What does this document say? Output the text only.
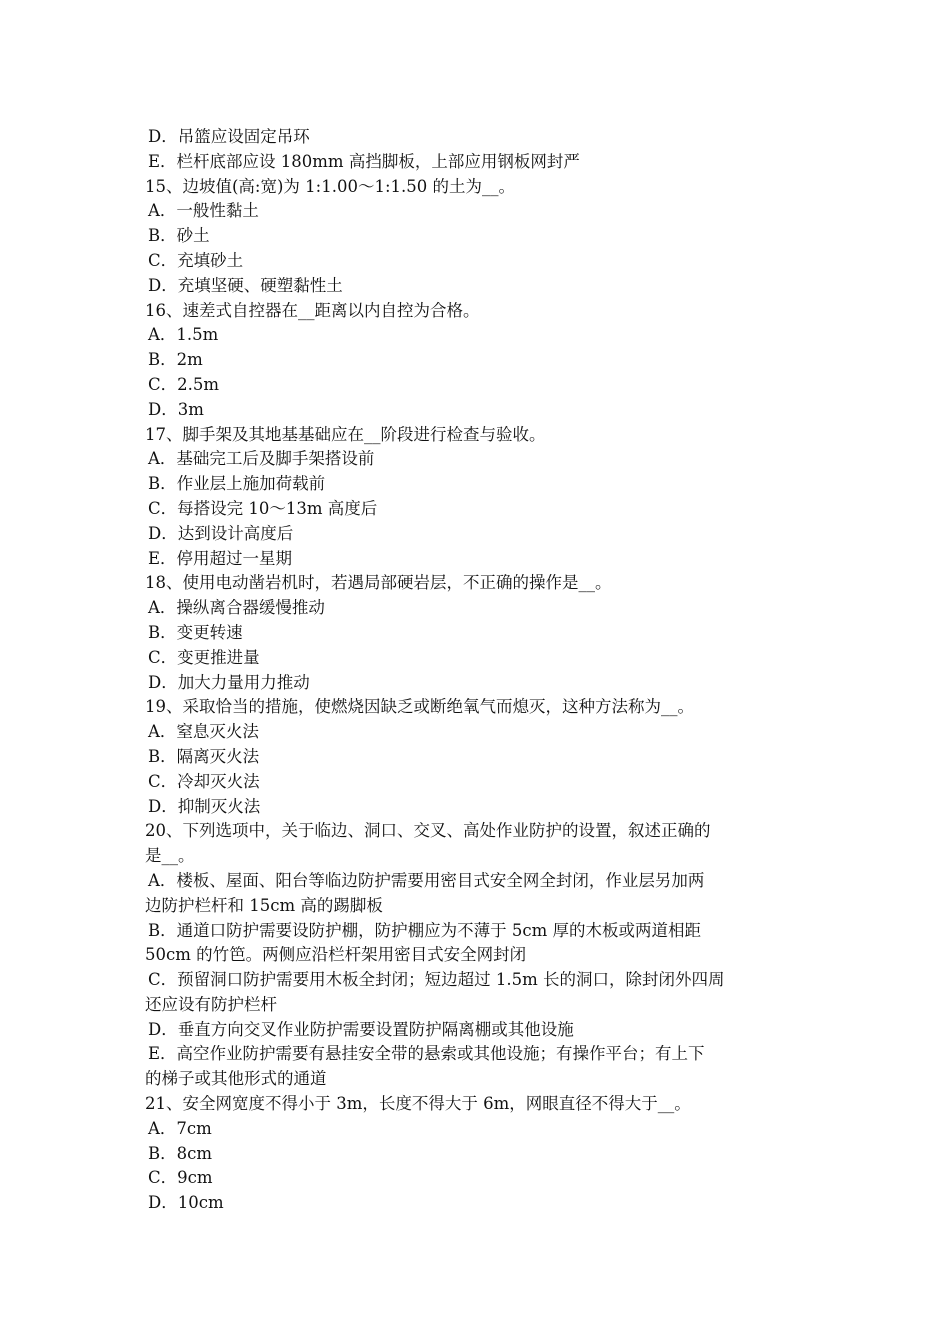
D．吊篮应设固定吊环
E．栏杆底部应设 180mm 高挡脚板，上部应用钢板网封严
15、边坡值(高:宽)为 1:1.00～1:1.50 的土为__。
A．一般性黏土
B．砂土
C．充填砂土
D．充填坚硬、硬塑黏性土
16、速差式自控器在__距离以内自控为合格。
A．1.5m
B．2m
C．2.5m
D．3m
17、脚手架及其地基基础应在__阶段进行检查与验收。
A．基础完工后及脚手架搭设前
B．作业层上施加荷载前
C．每搭设完 10～13m 高度后
D．达到设计高度后
E．停用超过一星期
18、使用电动凿岩机时，若遇局部硬岩层，不正确的操作是__。
A．操纵离合器缓慢推动
B．变更转速
C．变更推进量
D．加大力量用力推动
19、采取恰当的措施，使燃烧因缺乏或断绝氧气而熄灭，这种方法称为__。
A．窒息灭火法
B．隔离灭火法
C．冷却灭火法
D．抑制灭火法
20、下列选项中，关于临边、洞口、交叉、高处作业防护的设置，叙述正确的
是__。
A．楼板、屋面、阳台等临边防护需要用密目式安全网全封闭，作业层另加两
边防护栏杆和 15cm 高的踢脚板
B．通道口防护需要设防护棚，防护棚应为不薄于 5cm 厚的木板或两道相距
50cm 的竹笆。两侧应沿栏杆架用密目式安全网封闭
C．预留洞口防护需要用木板全封闭；短边超过 1.5m 长的洞口，除封闭外四周
还应设有防护栏杆
D．垂直方向交叉作业防护需要设置防护隔离棚或其他设施
E．高空作业防护需要有悬挂安全带的悬索或其他设施；有操作平台；有上下
的梯子或其他形式的通道
21、安全网宽度不得小于 3m，长度不得大于 6m，网眼直径不得大于__。
A．7cm
B．8cm
C．9cm
D．10cm
